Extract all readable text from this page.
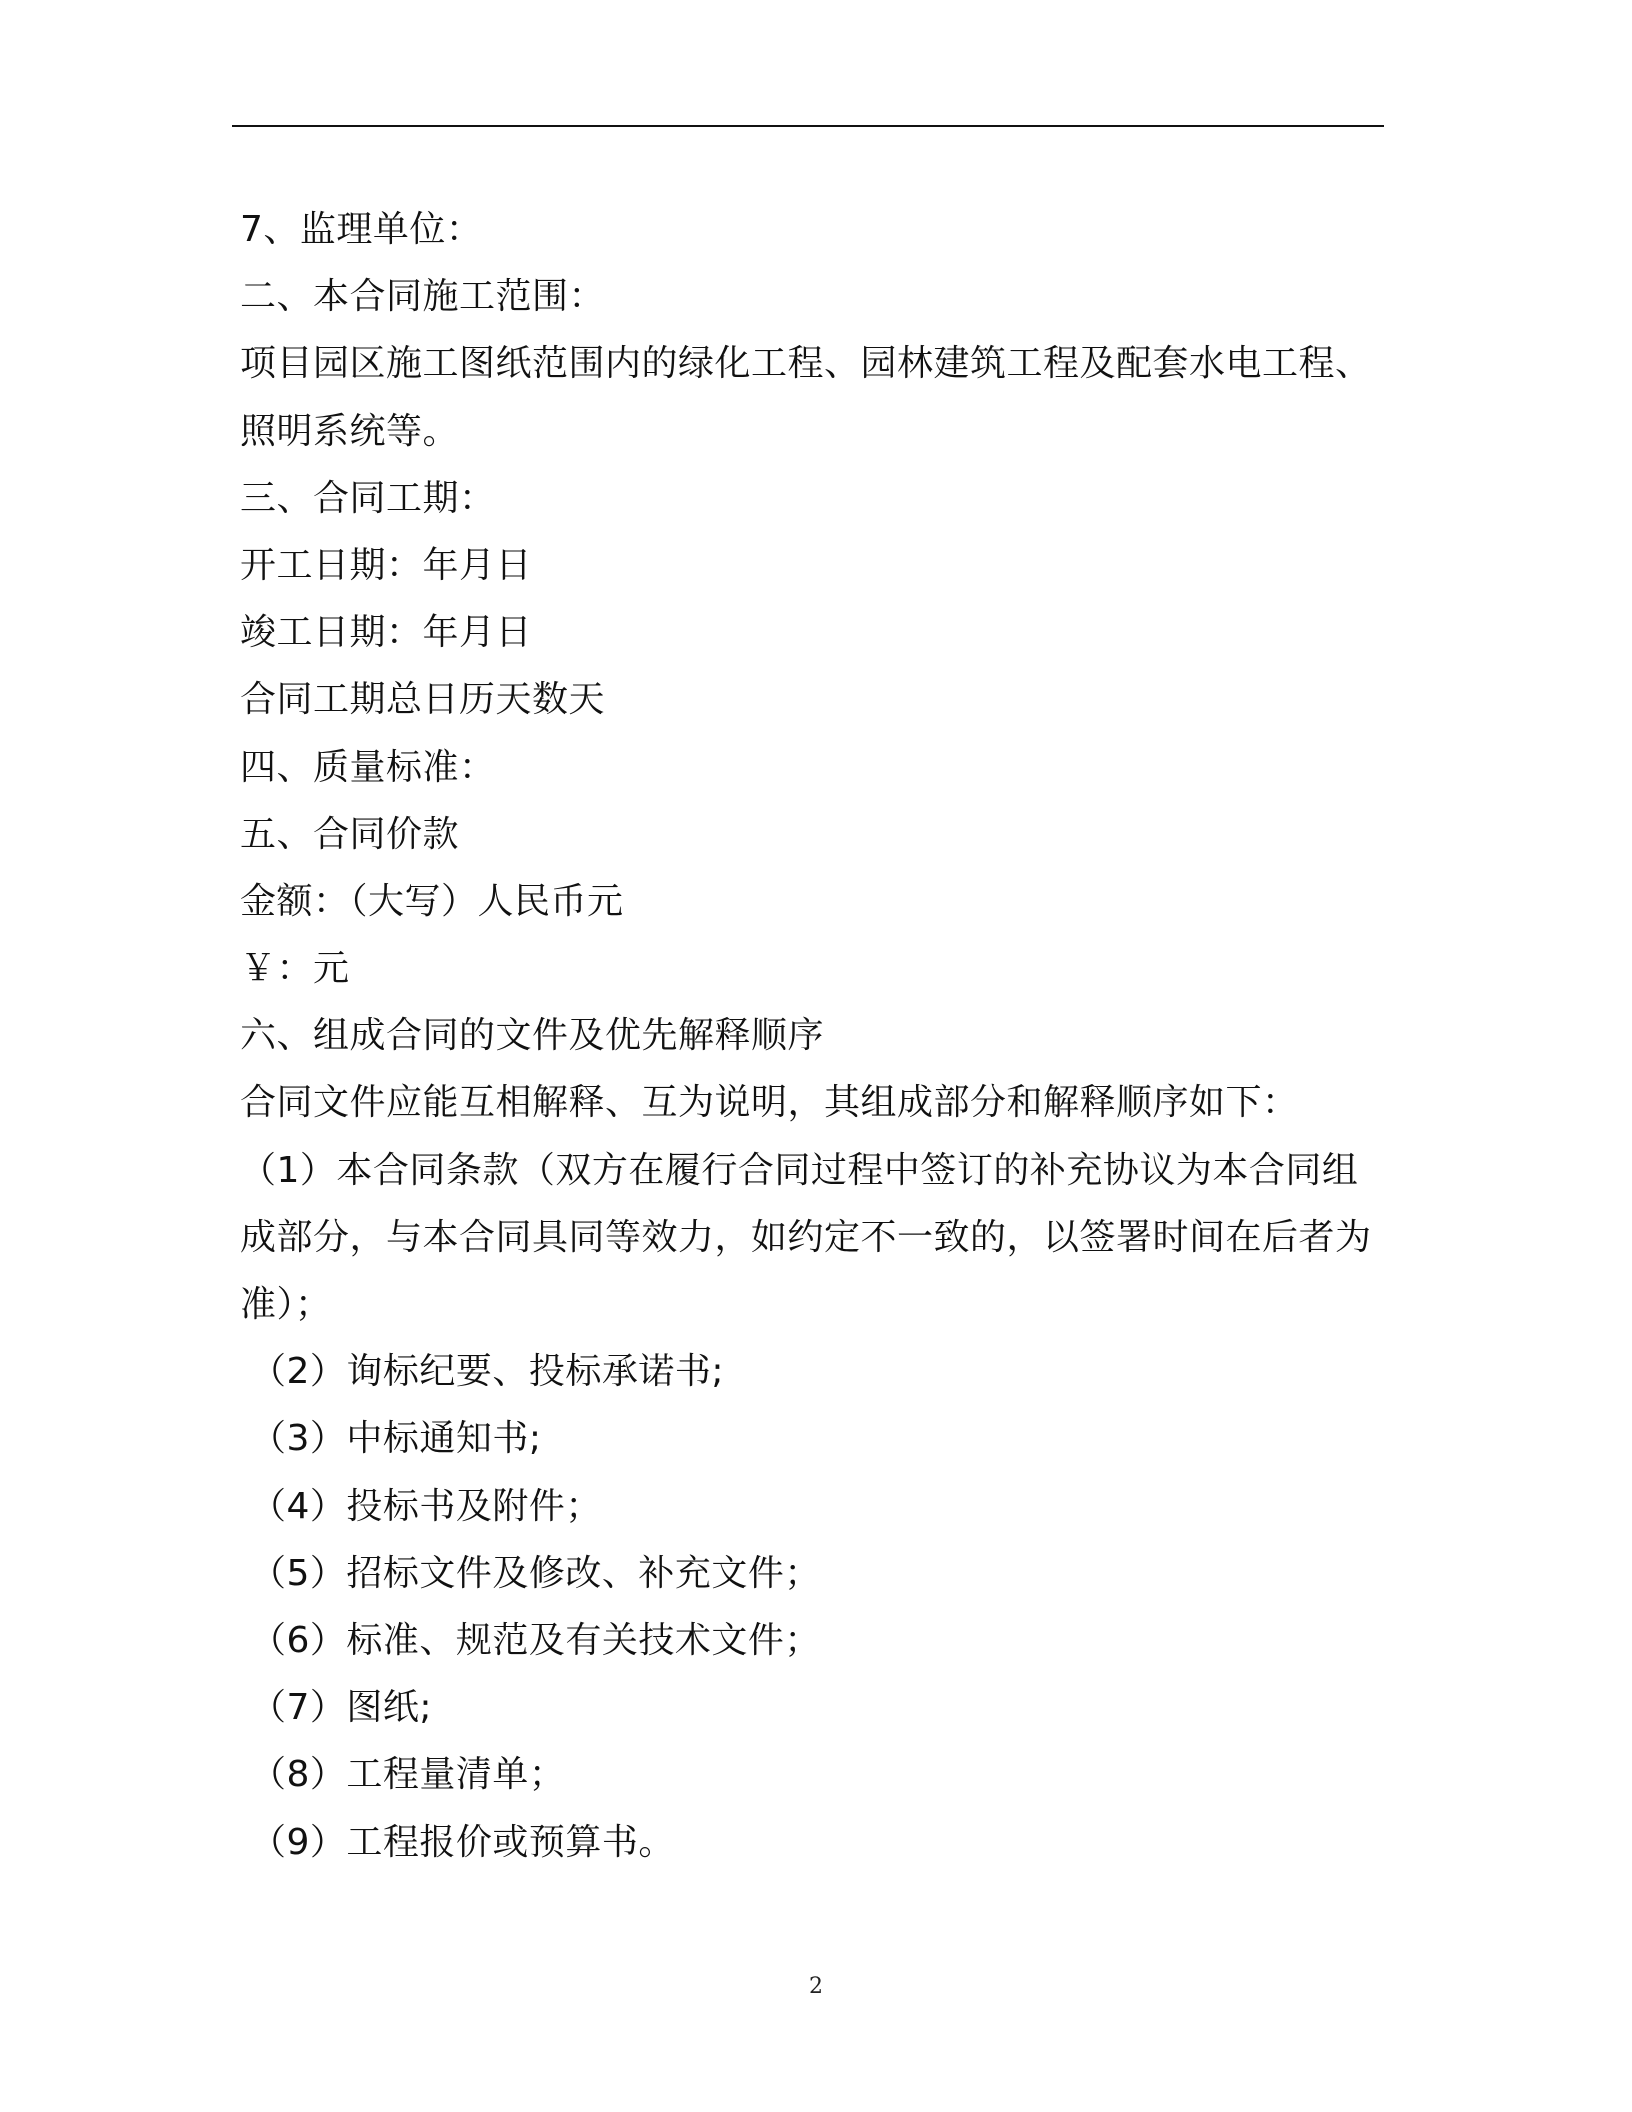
7、监理单位：
二、本合同施工范围：
项目园区施工图纸范围内的绿化工程、园林建筑工程及配套水电工程、
照明系统等。
三、合同工期：
开工日期：年月日
竣工日期：年月日
合同工期总日历天数天
四、质量标准：
五、合同价款
金额：（大写）人民币元
￥：元
六、组成合同的文件及优先解释顺序
合同文件应能互相解释、互为说明，其组成部分和解释顺序如下：
（1）本合同条款（双方在履行合同过程中签订的补充协议为本合同组
成部分，与本合同具同等效力，如约定不一致的，以签署时间在后者为
准）；
（2）询标纪要、投标承诺书;
（3）中标通知书;
（4）投标书及附件；
（5）招标文件及修改、补充文件；
（6）标准、规范及有关技术文件；
（7）图纸;
（8）工程量清单；
（9）工程报价或预算书。
2
